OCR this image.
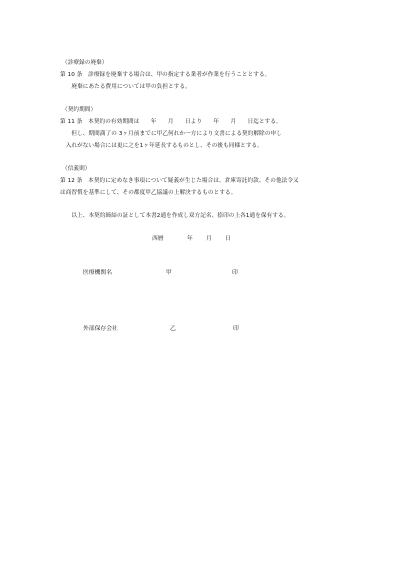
（診療録の廃棄）
第 10 条　診療録を廃棄する場合は、甲の指定する業者が作業を行うこととする。
　　廃棄にあたる費用については甲の負担とする。
（契約期間）
第 11 条　本契約の有効期間は　　年　　月　　日より　　年　　月　　日迄とする。
　　但し、期間満了の 3ヶ月前までに甲乙何れか一方により文書による契約解除の申し
　入れがない場合には更に之を1ヶ年延長するものとし、その後も同様とする。
（信義則）
第 12 条　本契約に定めなき事項について疑義が生じた場合は、倉庫寄託約款、その他法令又
は商習慣を基準にして、その都度甲乙協議の上解決するものとする。
　　以上、本契約締結の証として本書2通を作成し双方記名、捺印の上各1通を保有する。
西暦	年 月 日
医療機関名	甲	印
外部保存会社	乙	印
